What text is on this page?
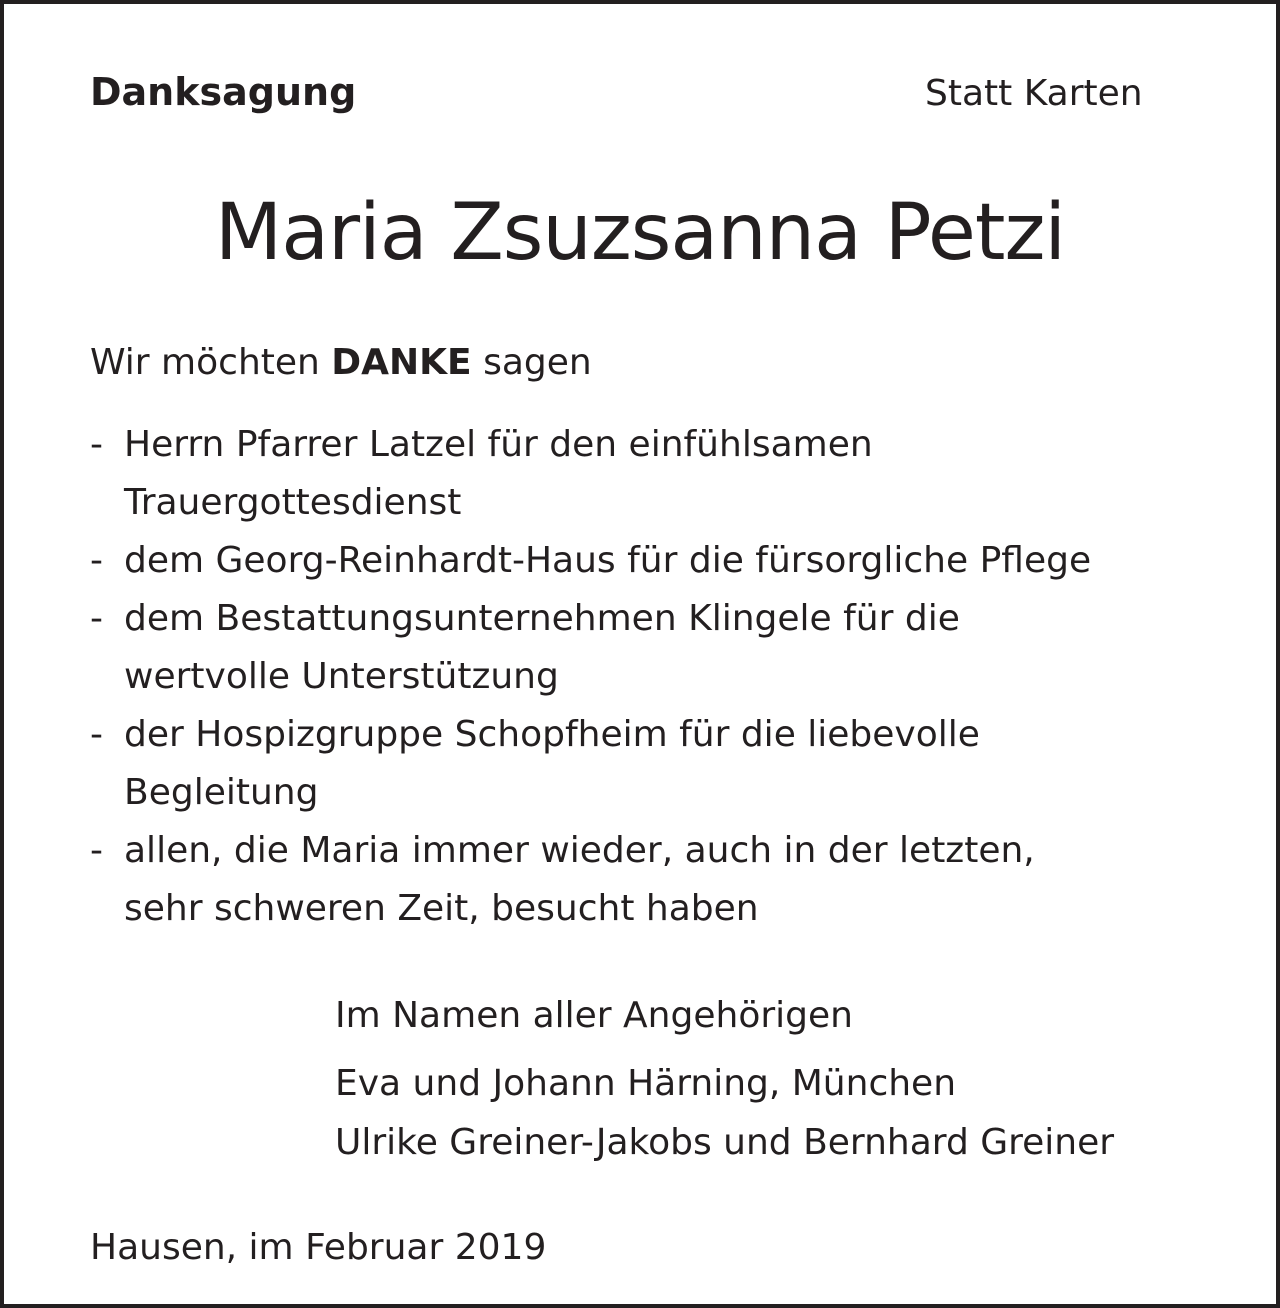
Danksagung	Statt Karten
Maria Zsuzsanna Petzi
Wir möchten DANKE sagen
- Herrn Pfarrer Latzel für den einfühlsamen
Trauergottesdienst
- dem Georg-Reinhardt-Haus für die fürsorgliche Pflege
- dem Bestattungsunternehmen Klingele für die
wertvolle Unterstützung
- der Hospizgruppe Schopfheim für die liebevolle
Begleitung
- allen, die Maria immer wieder, auch in der letzten,
sehr schweren Zeit, besucht haben
Im Namen aller Angehörigen
Eva und Johann Härning, München
Ulrike Greiner-Jakobs und Bernhard Greiner
Hausen, im Februar 2019
